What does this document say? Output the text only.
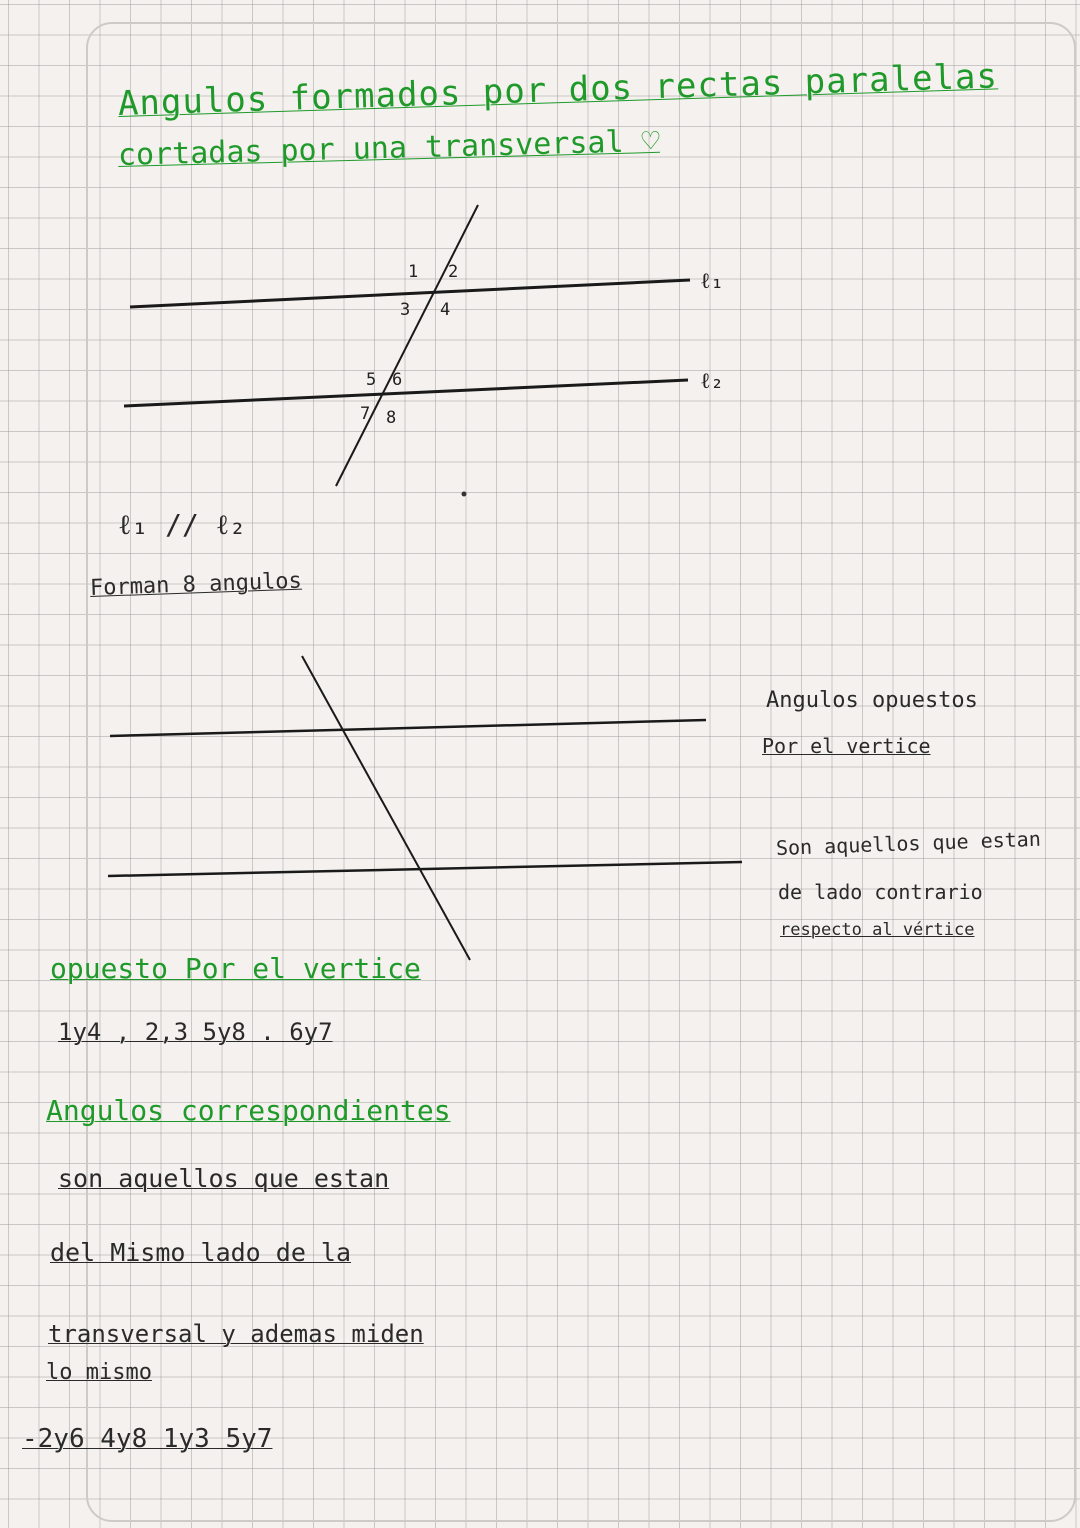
Angulos formados por dos rectas paralelas
cortadas por una transversal ♡
ℓ₁
ℓ₂
1 2
3 4
5 6
7 8
ℓ₁ // ℓ₂
Forman 8 angulos
Angulos opuestos
Por el vertice
Son aquellos que estan
de lado contrario
respecto al vértice
opuesto Por el vertice
1y4 , 2,3 5y8 . 6y7
Angulos correspondientes
son aquellos que estan
del Mismo lado de la
transversal y ademas miden
lo mismo
-2y6 4y8 1y3 5y7
